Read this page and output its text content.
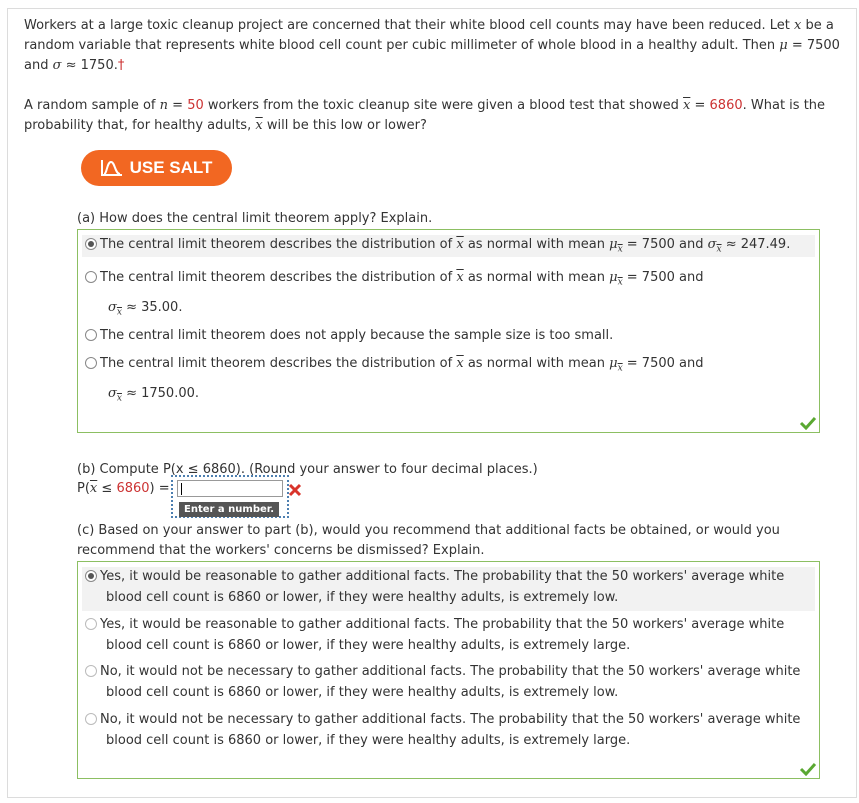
Workers at a large toxic cleanup project are concerned that their white blood cell counts may have been reduced. Let x be a
random variable that represents white blood cell count per cubic millimeter of whole blood in a healthy adult. Then μ = 7500
and σ ≈ 1750.†
A random sample of n = 50 workers from the toxic cleanup site were given a blood test that showed $\overline{x} = 6860$. What is the
probability that, for healthy adults, $\overline{x}$ will be this low or lower?
USE SALT
(a) How does the central limit theorem apply? Explain.
The central limit theorem describes the distribution of $\overline{x}$ as normal with mean $\mu_{\overline{x}} = 7500$ and $\sigma_{\overline{x}} \approx 247.49$.
The central limit theorem describes the distribution of $\overline{x}$ as normal with mean $\mu_{\overline{x}} = 7500$ and
$\sigma_{\overline{x}} \approx 35.00$.
The central limit theorem does not apply because the sample size is too small.
The central limit theorem describes the distribution of $\overline{x}$ as normal with mean $\mu_{\overline{x}} = 7500$ and
$\sigma_{\overline{x}} \approx 1750.00$.
(b) Compute P(x ≤ 6860). (Round your answer to four decimal places.)
$P(\overline{x} \le 6860)$ =
Enter a number.
(c) Based on your answer to part (b), would you recommend that additional facts be obtained, or would you
recommend that the workers' concerns be dismissed? Explain.
Yes, it would be reasonable to gather additional facts. The probability that the 50 workers' average white
blood cell count is 6860 or lower, if they were healthy adults, is extremely low.
Yes, it would be reasonable to gather additional facts. The probability that the 50 workers' average white
blood cell count is 6860 or lower, if they were healthy adults, is extremely large.
No, it would not be necessary to gather additional facts. The probability that the 50 workers' average white
blood cell count is 6860 or lower, if they were healthy adults, is extremely low.
No, it would not be necessary to gather additional facts. The probability that the 50 workers' average white
blood cell count is 6860 or lower, if they were healthy adults, is extremely large.
